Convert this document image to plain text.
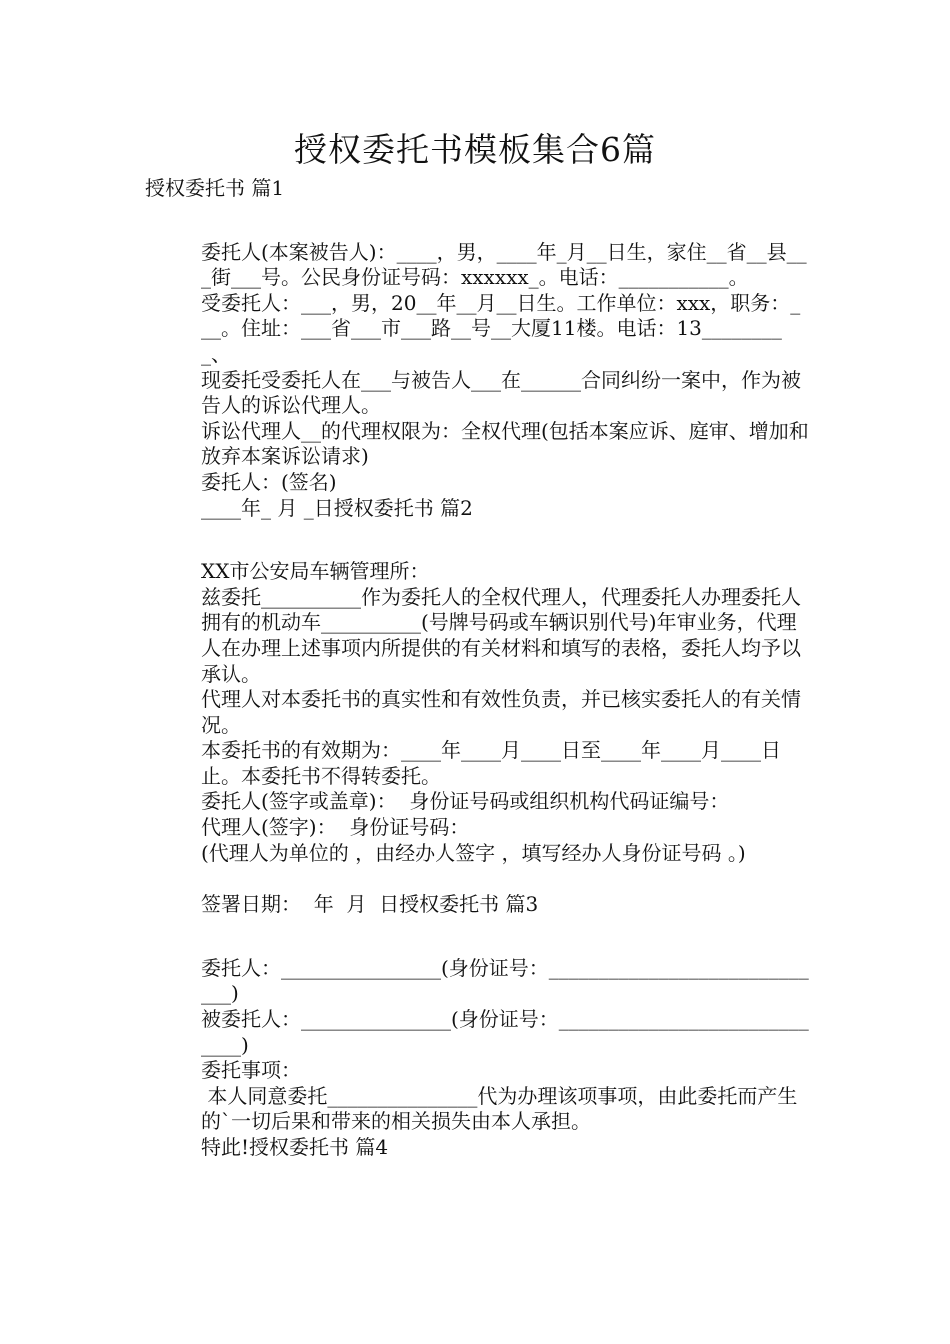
授权委托书模板集合6篇
授权委托书 篇1

委托人(本案被告人)：____，男，____年_月__日生，家住__省__县___街___号。公民身份证号码：xxxxxx_。电话：___________。

受委托人：___，男，20__年__月__日生。工作单位：xxx，职务：___。住址：___省___市___路__号__大厦11楼。电话：13_________、

现委托受委托人在___与被告人___在______合同纠纷一案中，作为被告人的诉讼代理人。

诉讼代理人__的代理权限为：全权代理(包括本案应诉、庭审、增加和放弃本案诉讼请求)

委托人：(签名)

____年_ 月 _日授权委托书 篇2

XX市公安局车辆管理所：

兹委托__________作为委托人的全权代理人，代理委托人办理委托人拥有的机动车__________(号牌号码或车辆识别代号)年审业务，代理人在办理上述事项内所提供的有关材料和填写的表格，委托人均予以承认。

代理人对本委托书的真实性和有效性负责，并已核实委托人的有关情况。

本委托书的有效期为：____年____月____日至____年____月____日止。本委托书不得转委托。

委托人(签字或盖章)：  身份证号码或组织机构代码证编号：

代理人(签字)：  身份证号码：

(代理人为单位的 ，由经办人签字 ，填写经办人身份证号码 。)

签署日期：  年  月  日授权委托书 篇3

委托人：________________(身份证号：_____________________________)

被委托人：_______________(身份证号：_____________________________)

委托事项：

本人同意委托_______________代为办理该项事项，由此委托而产生的`一切后果和带来的相关损失由本人承担。

特此!授权委托书 篇4
